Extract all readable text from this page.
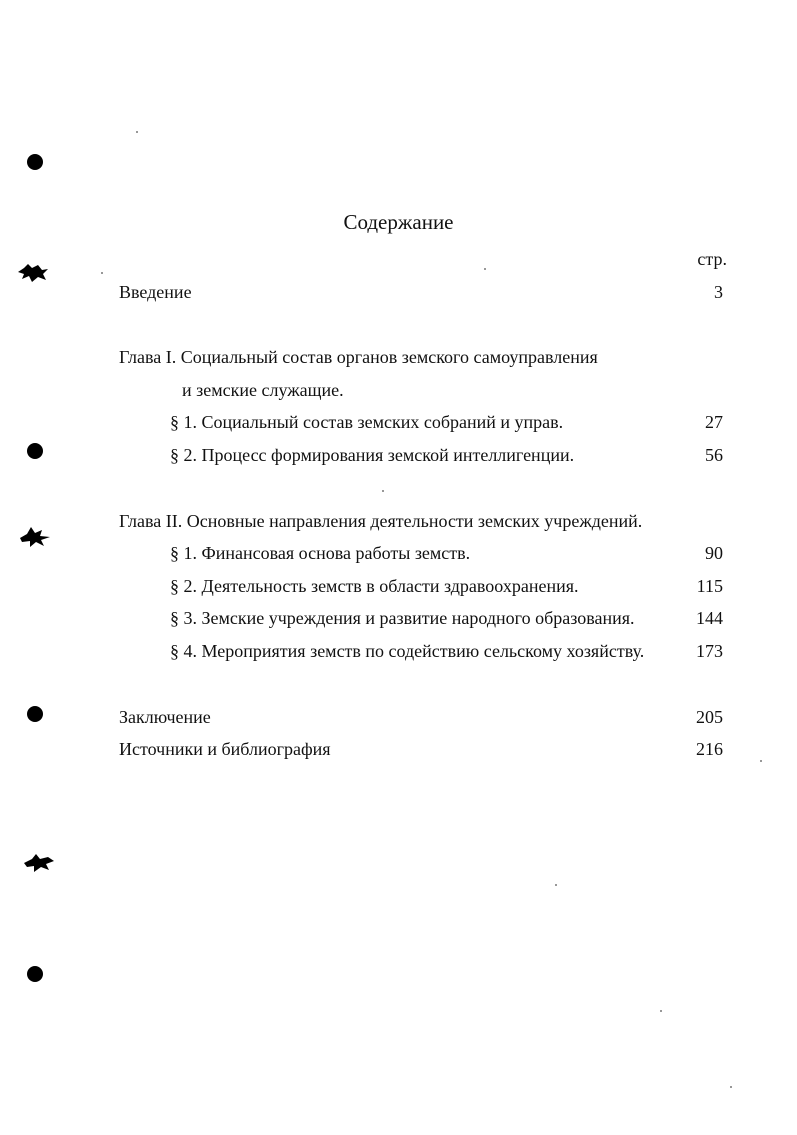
Содержание
стр.
Введение	3
Глава I. Социальный состав органов земского самоуправления
и земские служащие.
§ 1. Социальный состав земских собраний и управ.	27
§ 2. Процесс формирования земской интеллигенции.	56
Глава II. Основные направления деятельности земских учреждений.
§ 1. Финансовая основа работы земств.	90
§ 2. Деятельность земств в области здравоохранения.	115
§ 3. Земские учреждения и развитие народного образования.	144
§ 4. Мероприятия земств по содействию сельскому хозяйству.	173
Заключение	205
Источники и библиография	216
